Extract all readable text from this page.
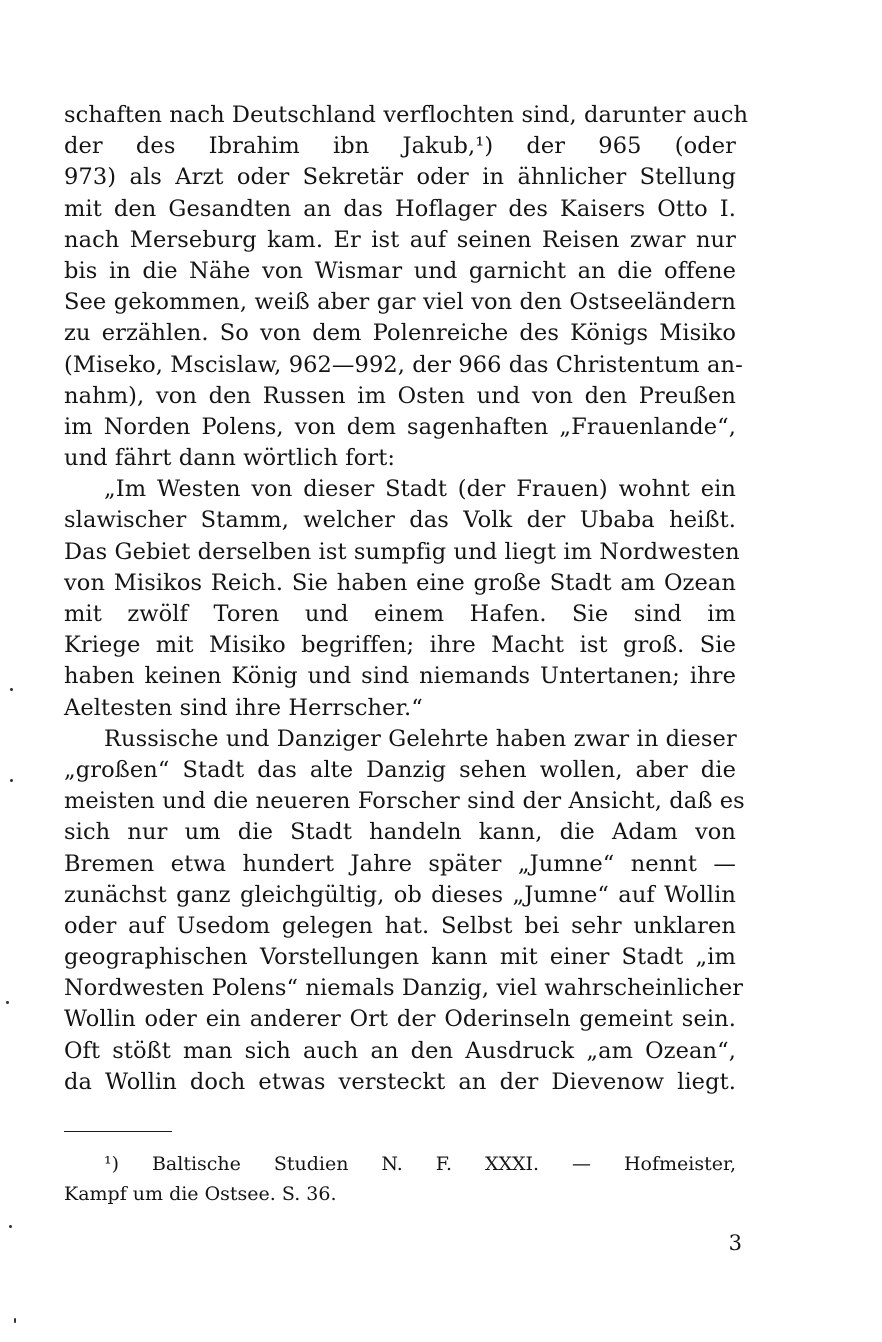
schaften nach Deutschland verflochten sind, darunter auch
der des Ibrahim ibn Jakub,¹) der 965 (oder
973) als Arzt oder Sekretär oder in ähnlicher Stellung
mit den Gesandten an das Hoflager des Kaisers Otto I.
nach Merseburg kam. Er ist auf seinen Reisen zwar nur
bis in die Nähe von Wismar und garnicht an die offene
See gekommen, weiß aber gar viel von den Ostseeländern
zu erzählen. So von dem Polenreiche des Königs Misiko
(Miseko, Mscislaw, 962—992, der 966 das Christentum an-
nahm), von den Russen im Osten und von den Preußen
im Norden Polens, von dem sagenhaften „Frauenlande“,
und fährt dann wörtlich fort:
„Im Westen von dieser Stadt (der Frauen) wohnt ein
slawischer Stamm, welcher das Volk der Ubaba heißt.
Das Gebiet derselben ist sumpfig und liegt im Nordwesten
von Misikos Reich. Sie haben eine große Stadt am Ozean
mit zwölf Toren und einem Hafen. Sie sind im
Kriege mit Misiko begriffen; ihre Macht ist groß. Sie
haben keinen König und sind niemands Untertanen; ihre
Aeltesten sind ihre Herrscher.“
Russische und Danziger Gelehrte haben zwar in dieser
„großen“ Stadt das alte Danzig sehen wollen, aber die
meisten und die neueren Forscher sind der Ansicht, daß es
sich nur um die Stadt handeln kann, die Adam von
Bremen etwa hundert Jahre später „Jumne“ nennt —
zunächst ganz gleichgültig, ob dieses „Jumne“ auf Wollin
oder auf Usedom gelegen hat. Selbst bei sehr unklaren
geographischen Vorstellungen kann mit einer Stadt „im
Nordwesten Polens“ niemals Danzig, viel wahrscheinlicher
Wollin oder ein anderer Ort der Oderinseln gemeint sein.
Oft stößt man sich auch an den Ausdruck „am Ozean“,
da Wollin doch etwas versteckt an der Dievenow liegt.
¹) Baltische Studien N. F. XXXI. — Hofmeister,
Kampf um die Ostsee. S. 36.
3
